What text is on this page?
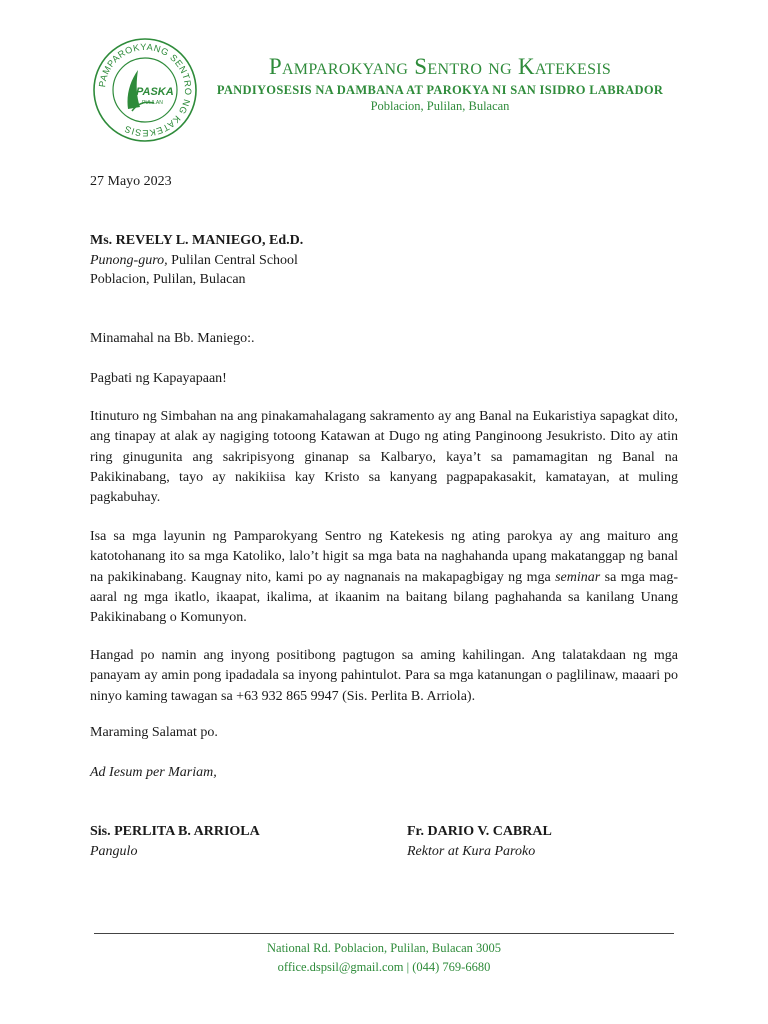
PAMPAROKYANG SENTRO NG KATEKESIS
PASKA
PULILAN
Pamparokyang Sentro ng Katekesis
PANDIYOSESIS NA DAMBANA AT PAROKYA NI SAN ISIDRO LABRADOR
Poblacion, Pulilan, Bulacan
27 Mayo 2023
Ms. REVELY L. MANIEGO, Ed.D.
Punong-guro, Pulilan Central School
Poblacion, Pulilan, Bulacan
Minamahal na Bb. Maniego:.
Pagbati ng Kapayapaan!

Itinuturo ng Simbahan na ang pinakamahalagang sakramento ay ang Banal na Eukaristiya sapagkat dito, ang tinapay at alak ay nagiging totoong Katawan at Dugo ng ating Panginoong Jesukristo. Dito ay atin ring ginugunita ang sakripisyong ginanap sa Kalbaryo, kaya’t sa pamamagitan ng Banal na Pakikinabang, tayo ay nakikiisa kay Kristo sa kanyang pagpapakasakit, kamatayan, at muling pagkabuhay.

Isa sa mga layunin ng Pamparokyang Sentro ng Katekesis ng ating parokya ay ang maituro ang katotohanang ito sa mga Katoliko, lalo’t higit sa mga bata na naghahanda upang makatanggap ng banal na pakikinabang. Kaugnay nito, kami po ay nagnanais na makapagbigay ng mga seminar sa mga mag-aaral ng mga ikatlo, ikaapat, ikalima, at ikaanim na baitang bilang paghahanda sa kanilang Unang Pakikinabang o Komunyon.

Hangad po namin ang inyong positibong pagtugon sa aming kahilingan. Ang talatakdaan ng mga panayam ay amin pong ipadadala sa inyong pahintulot. Para sa mga katanungan o paglilinaw, maaari po ninyo kaming tawagan sa +63 932 865 9947 (Sis. Perlita B. Arriola).

Maraming Salamat po.
Ad Iesum per Mariam,
Sis. PERLITA B. ARRIOLA
Pangulo
Fr. DARIO V. CABRAL
Rektor at Kura Paroko
National Rd. Poblacion, Pulilan, Bulacan 3005
office.dspsil@gmail.com | (044) 769-6680
